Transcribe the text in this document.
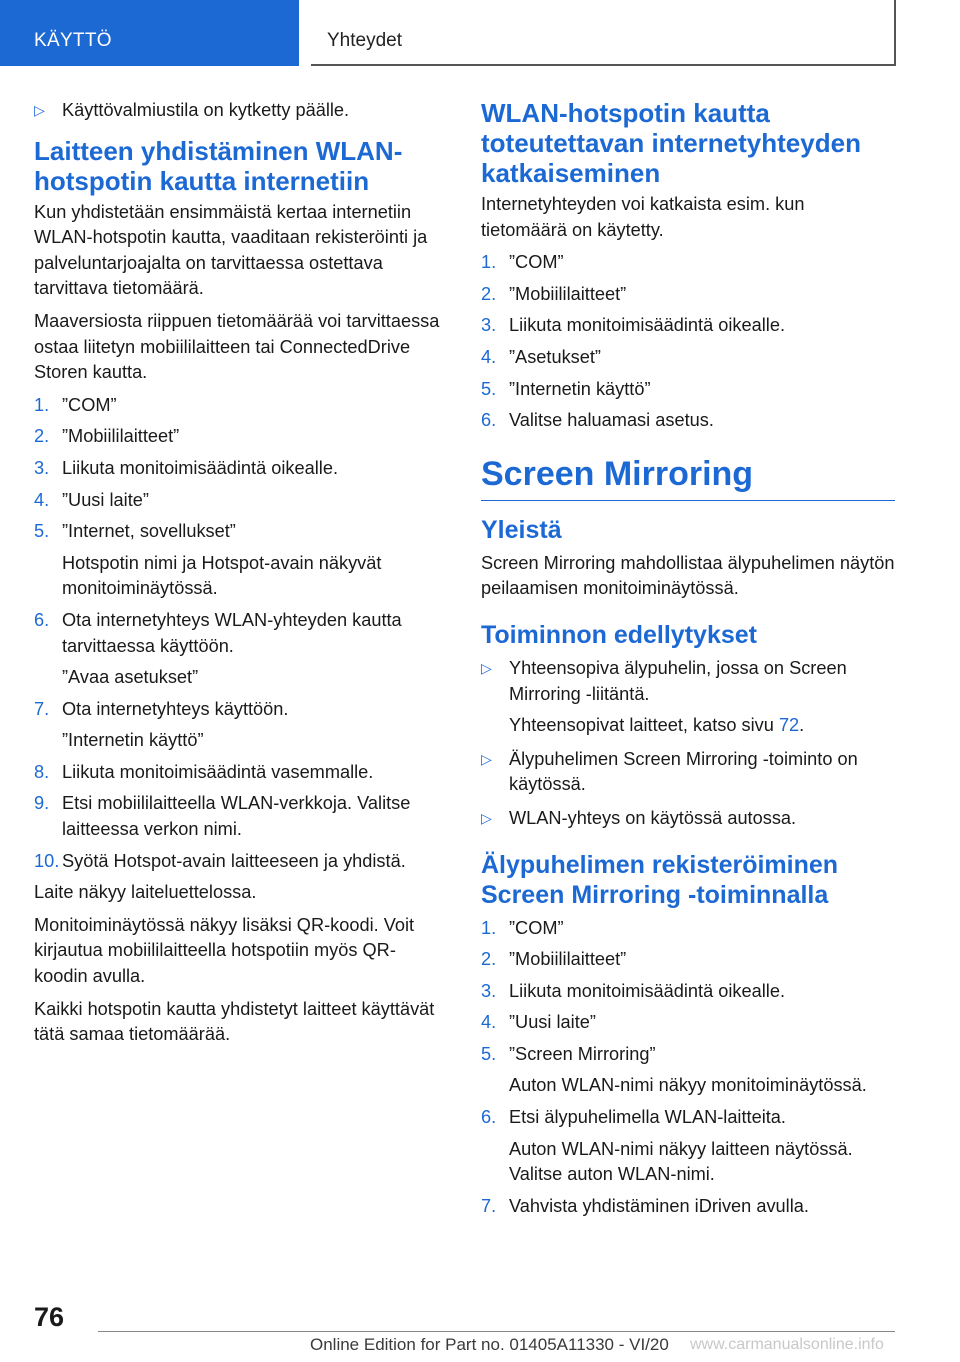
KÄYTTÖ	Yhteydet
▷ Käyttövalmiustila on kytketty päälle.
Laitteen yhdistäminen WLAN-hotspotin kautta internetiin

Kun yhdistetään ensimmäistä kertaa internetiin WLAN-hotspotin kautta, vaaditaan rekisteröinti ja palveluntarjoajalta on tarvittaessa ostettava tarvittava tietomäärä.

Maaversiosta riippuen tietomäärää voi tarvittaessa ostaa liitetyn mobiililaitteen tai ConnectedDrive Storen kautta.

1. ”COM”
2. ”Mobiililaitteet”
3. Liikuta monitoimisäädintä oikealle.
4. ”Uusi laite”
5. ”Internet, sovellukset”
Hotspotin nimi ja Hotspot-avain näkyvät monitoiminäytössä.
6. Ota internetyhteys WLAN-yhteyden kautta tarvittaessa käyttöön.
”Avaa asetukset”
7. Ota internetyhteys käyttöön.
”Internetin käyttö”
8. Liikuta monitoimisäädintä vasemmalle.
9. Etsi mobiililaitteella WLAN-verkkoja. Valitse laitteessa verkon nimi.
10. Syötä Hotspot-avain laitteeseen ja yhdistä.

Laite näkyy laiteluettelossa.

Monitoiminäytössä näkyy lisäksi QR-koodi. Voit kirjautua mobiililaitteella hotspotiin myös QR-koodin avulla.

Kaikki hotspotin kautta yhdistetyt laitteet käyttävät tätä samaa tietomäärää.

WLAN-hotspotin kautta toteutettavan internetyhteyden katkaiseminen

Internetyhteyden voi katkaista esim. kun tietomäärä on käytetty.

1. ”COM”
2. ”Mobiililaitteet”
3. Liikuta monitoimisäädintä oikealle.
4. ”Asetukset”
5. ”Internetin käyttö”
6. Valitse haluamasi asetus.
Screen Mirroring
Yleistä

Screen Mirroring mahdollistaa älypuhelimen näytön peilaamisen monitoiminäytössä.

Toiminnon edellytykset
▷ Yhteensopiva älypuhelin, jossa on Screen Mirroring -liitäntä.
Yhteensopivat laitteet, katso sivu 72.
▷ Älypuhelimen Screen Mirroring -toiminto on käytössä.
▷ WLAN-yhteys on käytössä autossa.
Älypuhelimen rekisteröiminen Screen Mirroring -toiminnalla
1. ”COM”
2. ”Mobiililaitteet”
3. Liikuta monitoimisäädintä oikealle.
4. ”Uusi laite”
5. ”Screen Mirroring”
Auton WLAN-nimi näkyy monitoiminäytössä.
6. Etsi älypuhelimella WLAN-laitteita.
Auton WLAN-nimi näkyy laitteen näytössä. Valitse auton WLAN-nimi.
7. Vahvista yhdistäminen iDriven avulla.
76
Online Edition for Part no. 01405A11330 - VI/20 www.carmanualsonline.info
